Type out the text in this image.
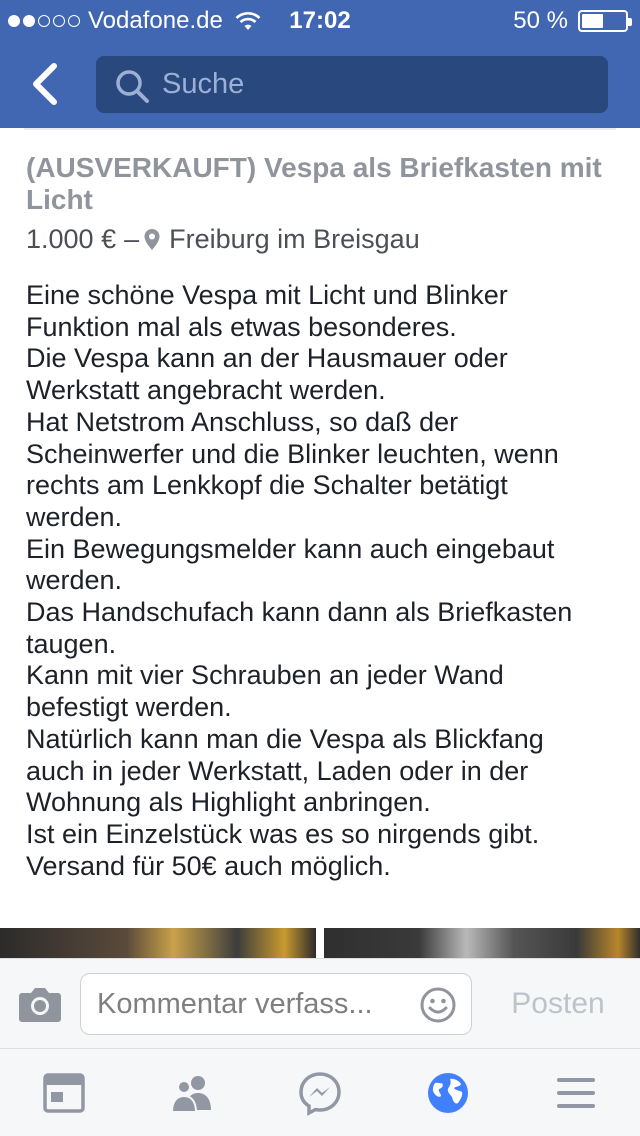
Vodafone.de	17:02	50 %
Suche
(AUSVERKAUFT) Vespa als Briefkasten mit Licht
1.000 € – Freiburg im Breisgau
Eine schöne Vespa mit Licht und Blinker
Funktion mal als etwas besonderes.
Die Vespa kann an der Hausmauer oder
Werkstatt angebracht werden.
Hat Netstrom Anschluss, so daß der
Scheinwerfer und die Blinker leuchten, wenn
rechts am Lenkkopf die Schalter betätigt
werden.
Ein Bewegungsmelder kann auch eingebaut
werden.
Das Handschufach kann dann als Briefkasten
taugen.
Kann mit vier Schrauben an jeder Wand
befestigt werden.
Natürlich kann man die Vespa als Blickfang
auch in jeder Werkstatt, Laden oder in der
Wohnung als Highlight anbringen.
Ist ein Einzelstück was es so nirgends gibt.
Versand für 50€ auch möglich.
Kommentar verfass...
Posten
